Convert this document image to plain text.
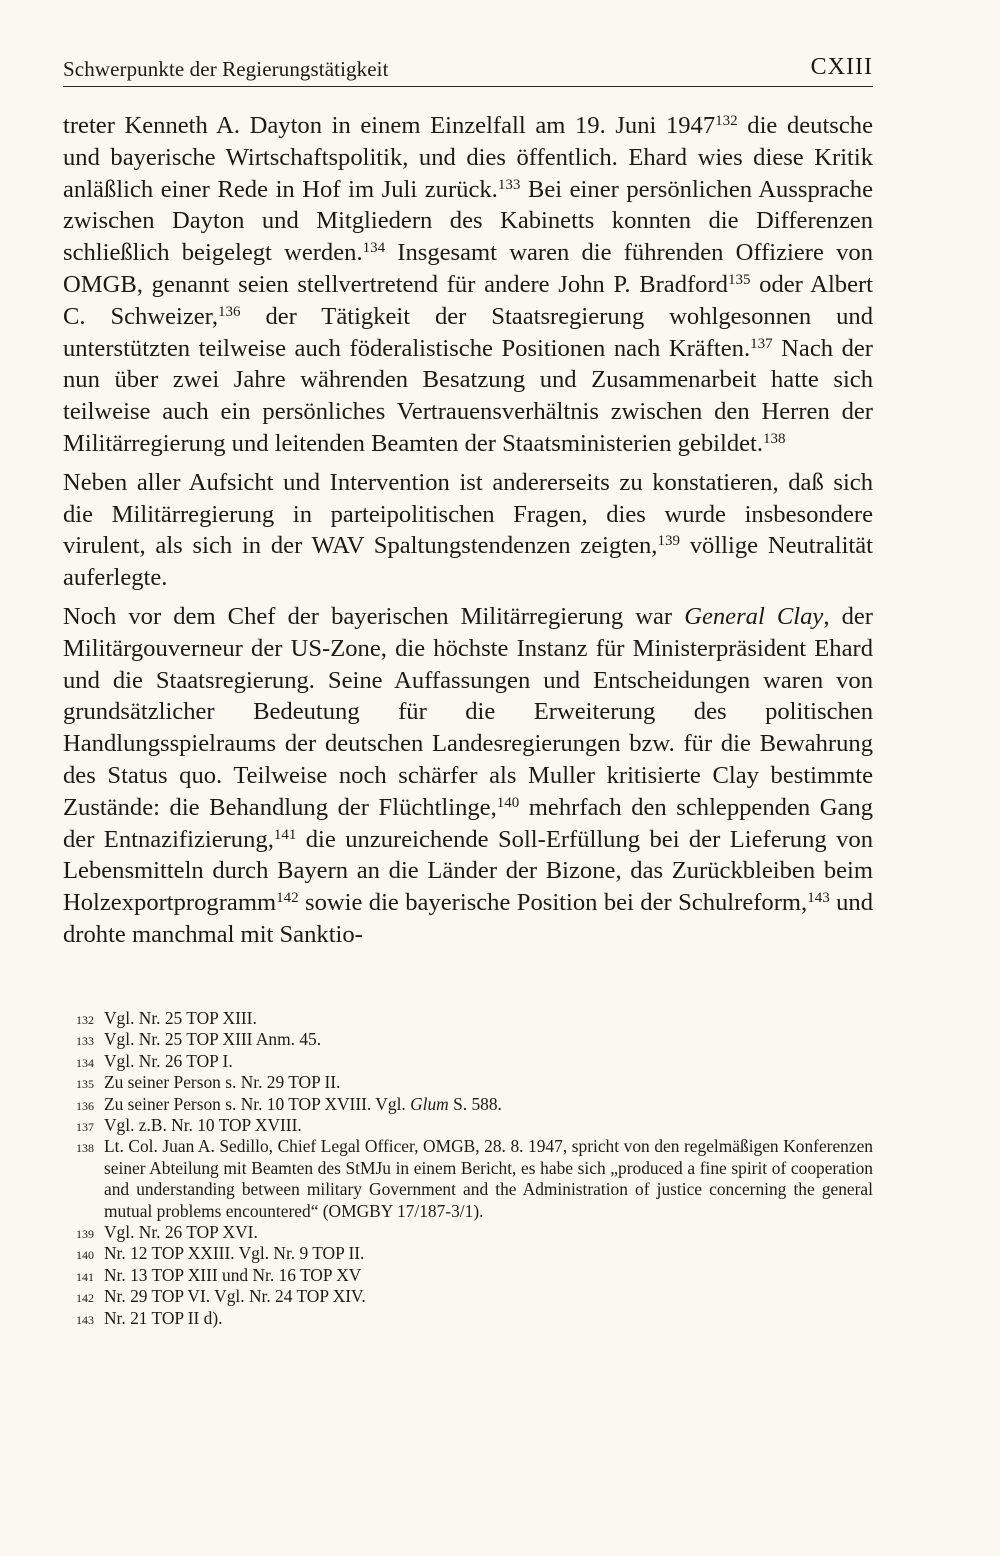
Schwerpunkte der Regierungstätigkeit	CXIII

treter Kenneth A. Dayton in einem Einzelfall am 19. Juni 1947$^{132}$ die deutsche und bayerische Wirtschaftspolitik, und dies öffentlich. Ehard wies diese Kritik anläßlich einer Rede in Hof im Juli zurück.$^{133}$ Bei einer persönlichen Aussprache zwischen Dayton und Mitgliedern des Kabinetts konnten die Differenzen schließlich beigelegt werden.$^{134}$ Insgesamt waren die führenden Offiziere von OMGB, genannt seien stellvertretend für andere John P. Bradford$^{135}$ oder Albert C. Schweizer,$^{136}$ der Tätigkeit der Staatsregierung wohlgesonnen und unterstützten teilweise auch föderalistische Positionen nach Kräften.$^{137}$ Nach der nun über zwei Jahre währenden Besatzung und Zusammenarbeit hatte sich teilweise auch ein persönliches Vertrauensverhältnis zwischen den Herren der Militärregierung und leitenden Beamten der Staatsministerien gebildet.$^{138}$

Neben aller Aufsicht und Intervention ist andererseits zu konstatieren, daß sich die Militärregierung in parteipolitischen Fragen, dies wurde insbesondere virulent, als sich in der WAV Spaltungstendenzen zeigten,$^{139}$ völlige Neutralität auferlegte.

Noch vor dem Chef der bayerischen Militärregierung war General Clay, der Militärgouverneur der US-Zone, die höchste Instanz für Ministerpräsident Ehard und die Staatsregierung. Seine Auffassungen und Entscheidungen waren von grundsätzlicher Bedeutung für die Erweiterung des politischen Handlungsspielraums der deutschen Landesregierungen bzw. für die Bewahrung des Status quo. Teilweise noch schärfer als Muller kritisierte Clay bestimmte Zustände: die Behandlung der Flüchtlinge,$^{140}$ mehrfach den schleppenden Gang der Entnazifizierung,$^{141}$ die unzureichende Soll-Erfüllung bei der Lieferung von Lebensmitteln durch Bayern an die Länder der Bizone, das Zurückbleiben beim Holzexportprogramm$^{142}$ sowie die bayerische Position bei der Schulreform,$^{143}$ und drohte manchmal mit Sanktio-

132 Vgl. Nr. 25 TOP XIII.

133 Vgl. Nr. 25 TOP XIII Anm. 45.

134 Vgl. Nr. 26 TOP I.

135 Zu seiner Person s. Nr. 29 TOP II.

136 Zu seiner Person s. Nr. 10 TOP XVIII. Vgl. Glum S. 588.

137 Vgl. z.B. Nr. 10 TOP XVIII.

138 Lt. Col. Juan A. Sedillo, Chief Legal Officer, OMGB, 28. 8. 1947, spricht von den regelmäßigen Konferenzen seiner Abteilung mit Beamten des StMJu in einem Bericht, es habe sich „produced a fine spirit of cooperation and understanding between military Government and the Administration of justice concerning the general mutual problems encountered“ (OMGBY 17/187-3/1).

139 Vgl. Nr. 26 TOP XVI.

140 Nr. 12 TOP XXIII. Vgl. Nr. 9 TOP II.

141 Nr. 13 TOP XIII und Nr. 16 TOP XV

142 Nr. 29 TOP VI. Vgl. Nr. 24 TOP XIV.

143 Nr. 21 TOP II d).
